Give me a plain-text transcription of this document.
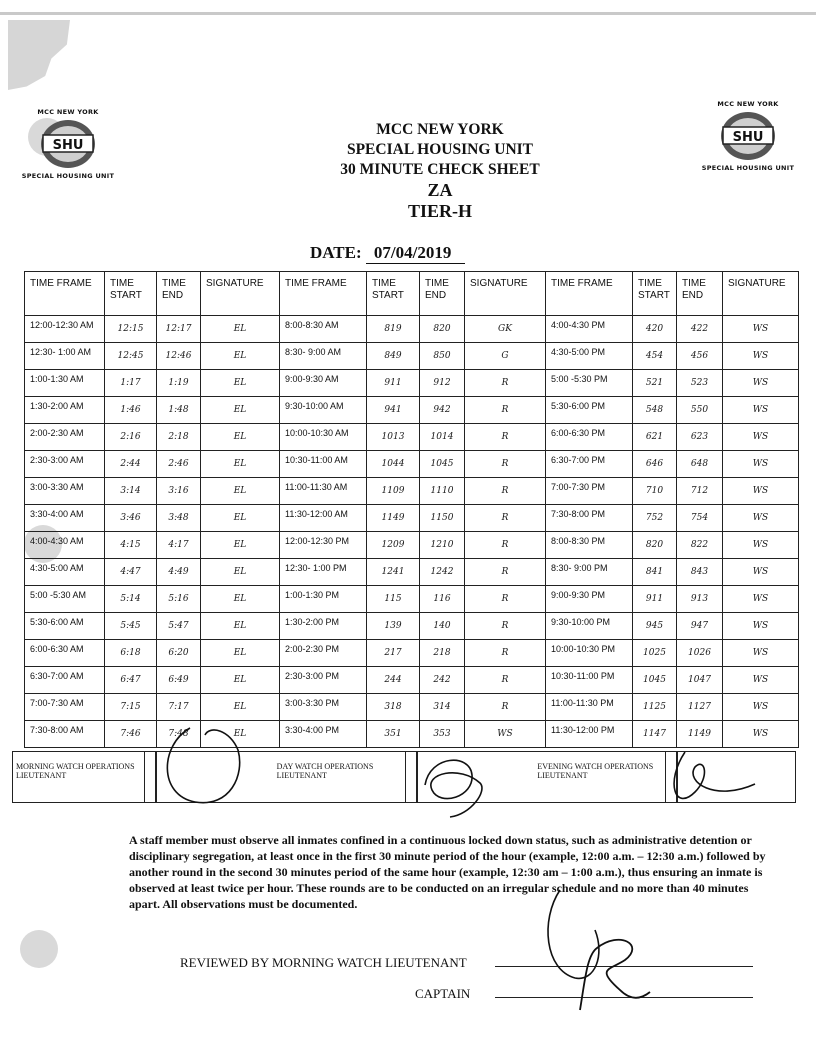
MCC NEW YORK
SHU
SPECIAL HOUSING UNIT
MCC NEW YORK
SHU
SPECIAL HOUSING UNIT
MCC NEW YORK
SPECIAL HOUSING UNIT
30 MINUTE CHECK SHEET
ZA
TIER-H
DATE: 07/04/2019
TIME FRAME	TIME START	TIME END	SIGNATURE	TIME FRAME	TIME START	TIME END	SIGNATURE	TIME FRAME	TIME START	TIME END	SIGNATURE
12:00-12:30 AM	12:15	12:17	EL	8:00-8:30 AM	819	820	GK	4:00-4:30 PM	420	422	WS
12:30- 1:00 AM	12:45	12:46	EL	8:30- 9:00 AM	849	850	G	4:30-5:00 PM	454	456	WS
1:00-1:30 AM	1:17	1:19	EL	9:00-9:30 AM	911	912	R	5:00 -5:30 PM	521	523	WS
1:30-2:00 AM	1:46	1:48	EL	9:30-10:00 AM	941	942	R	5:30-6:00 PM	548	550	WS
2:00-2:30 AM	2:16	2:18	EL	10:00-10:30 AM	1013	1014	R	6:00-6:30 PM	621	623	WS
2:30-3:00 AM	2:44	2:46	EL	10:30-11:00 AM	1044	1045	R	6:30-7:00 PM	646	648	WS
3:00-3:30 AM	3:14	3:16	EL	11:00-11:30 AM	1109	1110	R	7:00-7:30 PM	710	712	WS
3:30-4:00 AM	3:46	3:48	EL	11:30-12:00 AM	1149	1150	R	7:30-8:00 PM	752	754	WS
4:00-4:30 AM	4:15	4:17	EL	12:00-12:30 PM	1209	1210	R	8:00-8:30 PM	820	822	WS
4:30-5:00 AM	4:47	4:49	EL	12:30- 1:00 PM	1241	1242	R	8:30- 9:00 PM	841	843	WS
5:00 -5:30 AM	5:14	5:16	EL	1:00-1:30 PM	115	116	R	9:00-9:30 PM	911	913	WS
5:30-6:00 AM	5:45	5:47	EL	1:30-2:00 PM	139	140	R	9:30-10:00 PM	945	947	WS
6:00-6:30 AM	6:18	6:20	EL	2:00-2:30 PM	217	218	R	10:00-10:30 PM	1025	1026	WS
6:30-7:00 AM	6:47	6:49	EL	2:30-3:00 PM	244	242	R	10:30-11:00 PM	1045	1047	WS
7:00-7:30 AM	7:15	7:17	EL	3:00-3:30 PM	318	314	R	11:00-11:30 PM	1125	1127	WS
7:30-8:00 AM	7:46	7:48	EL	3:30-4:00 PM	351	353	WS	11:30-12:00 PM	1147	1149	WS
MORNING WATCH OPERATIONS LIEUTENANT
DAY WATCH OPERATIONS LIEUTENANT
EVENING WATCH OPERATIONS LIEUTENANT
A staff member must observe all inmates confined in a continuous locked down status, such as administrative detention or disciplinary segregation, at least once in the first 30 minute period of the hour (example, 12:00 a.m. – 12:30 a.m.) followed by another round in the second 30 minutes period of the same hour (example, 12:30 am – 1:00 a.m.), thus ensuring an inmate is observed at least twice per hour. These rounds are to be conducted on an irregular schedule and no more than 40 minutes apart. All observations must be documented.
REVIEWED BY MORNING WATCH LIEUTENANT
CAPTAIN
